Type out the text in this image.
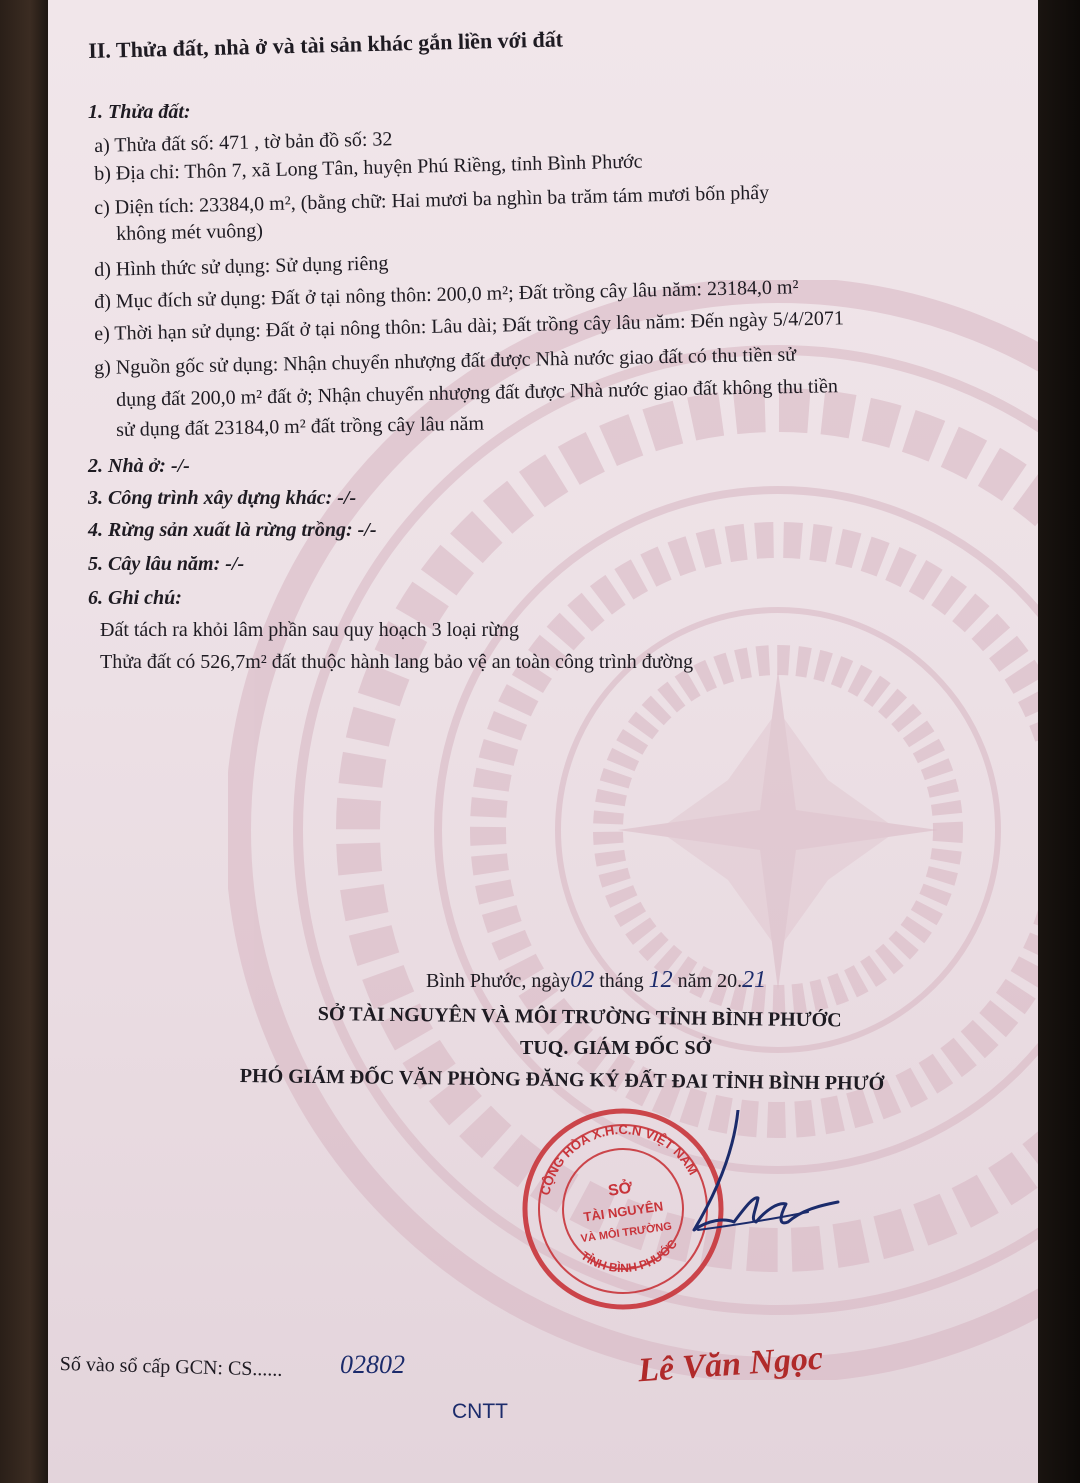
II. Thửa đất, nhà ở và tài sản khác gắn liền với đất
1. Thửa đất:
a) Thửa đất số: 471 , tờ bản đồ số: 32
b) Địa chỉ: Thôn 7, xã Long Tân, huyện Phú Riềng, tỉnh Bình Phước
c) Diện tích: 23384,0 m², (bằng chữ: Hai mươi ba nghìn ba trăm tám mươi bốn phẩy
không mét vuông)
d) Hình thức sử dụng: Sử dụng riêng
đ) Mục đích sử dụng: Đất ở tại nông thôn: 200,0 m²; Đất trồng cây lâu năm: 23184,0 m²
e) Thời hạn sử dụng: Đất ở tại nông thôn: Lâu dài; Đất trồng cây lâu năm: Đến ngày 5/4/2071
g) Nguồn gốc sử dụng: Nhận chuyển nhượng đất được Nhà nước giao đất có thu tiền sử
dụng đất 200,0 m² đất ở; Nhận chuyển nhượng đất được Nhà nước giao đất không thu tiền
sử dụng đất 23184,0 m² đất trồng cây lâu năm
2. Nhà ở: -/-
3. Công trình xây dựng khác: -/-
4. Rừng sản xuất là rừng trồng: -/-
5. Cây lâu năm: -/-
6. Ghi chú:
Đất tách ra khỏi lâm phần sau quy hoạch 3 loại rừng
Thửa đất có 526,7m² đất thuộc hành lang bảo vệ an toàn công trình đường
Bình Phước, ngày02 tháng 12 năm 20.21
SỞ TÀI NGUYÊN VÀ MÔI TRƯỜNG TỈNH BÌNH PHƯỚC
TUQ. GIÁM ĐỐC SỞ
PHÓ GIÁM ĐỐC VĂN PHÒNG ĐĂNG KÝ ĐẤT ĐAI TỈNH BÌNH PHƯỚ
CỘNG HÒA X.H.C.N VIỆT NAM
TỈNH BÌNH PHƯỚC
SỞ
TÀI NGUYÊN
VÀ MÔI TRƯỜNG
Lê Văn Ngọc
Số vào sổ cấp GCN: CS...... 02802
CNTT
